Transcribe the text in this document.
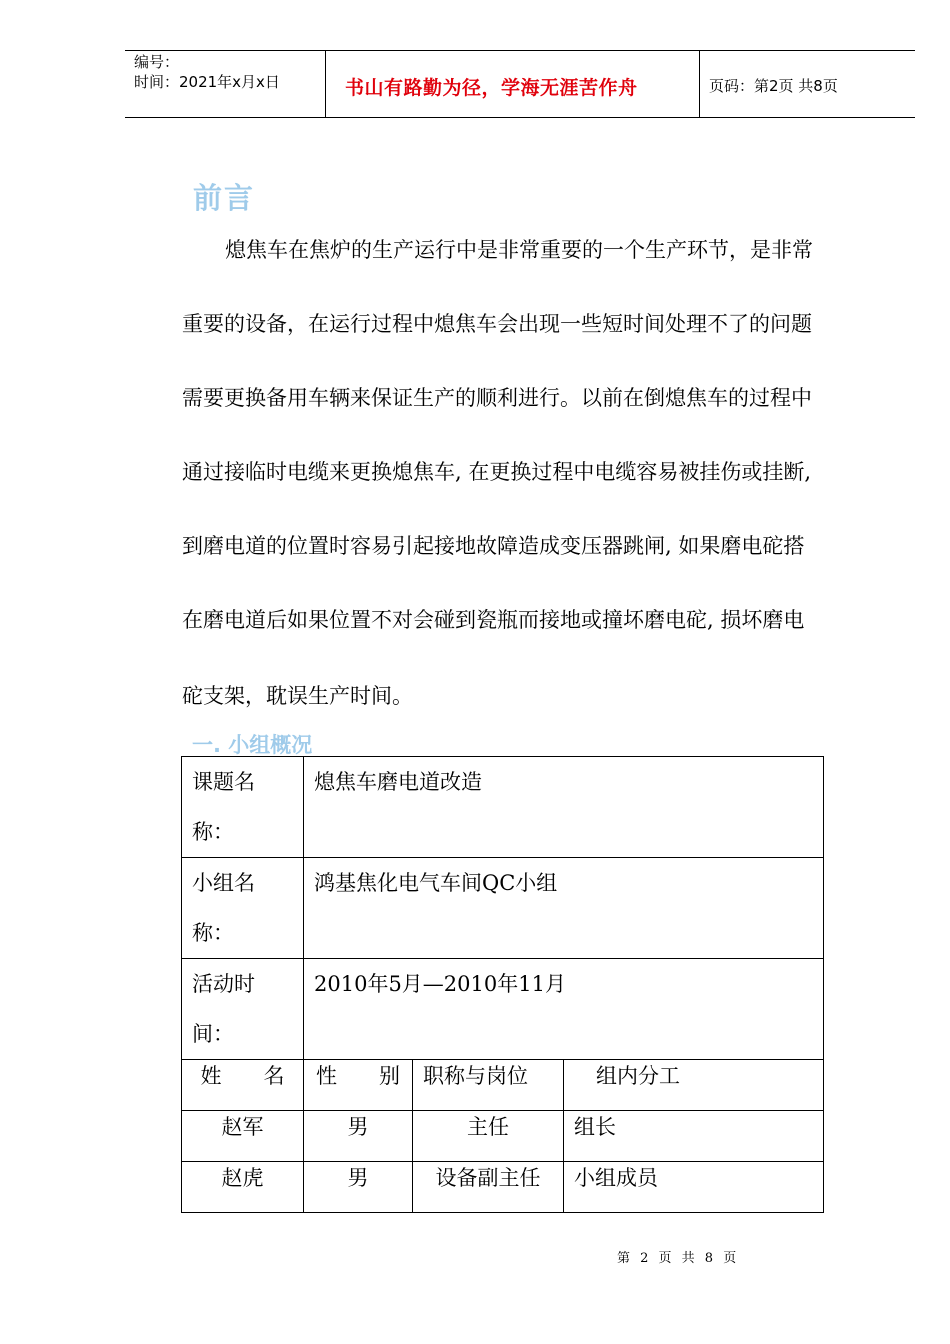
编号：
时间：2021年x月x日	书山有路勤为径，学海无涯苦作舟	页码：第2页 共8页
前言
熄焦车在焦炉的生产运行中是非常重要的一个生产环节，是非常
重要的设备，在运行过程中熄焦车会出现一些短时间处理不了的问题
需要更换备用车辆来保证生产的顺利进行。以前在倒熄焦车的过程中
通过接临时电缆来更换熄焦车, 在更换过程中电缆容易被挂伤或挂断,
到磨电道的位置时容易引起接地故障造成变压器跳闸, 如果磨电砣搭
在磨电道后如果位置不对会碰到瓷瓶而接地或撞坏磨电砣, 损坏磨电
砣支架，耽误生产时间。
一. 小组概况
课题名称：	熄焦车磨电道改造		
小组名称：	鸿基焦化电气车间QC小组		
活动时间：	2010年5月—2010年11月		
姓　　名	性　　别	职称与岗位	组内分工
赵军	男	主任	组长
赵虎	男	设备副主任	小组成员
第 2 页 共 8 页
